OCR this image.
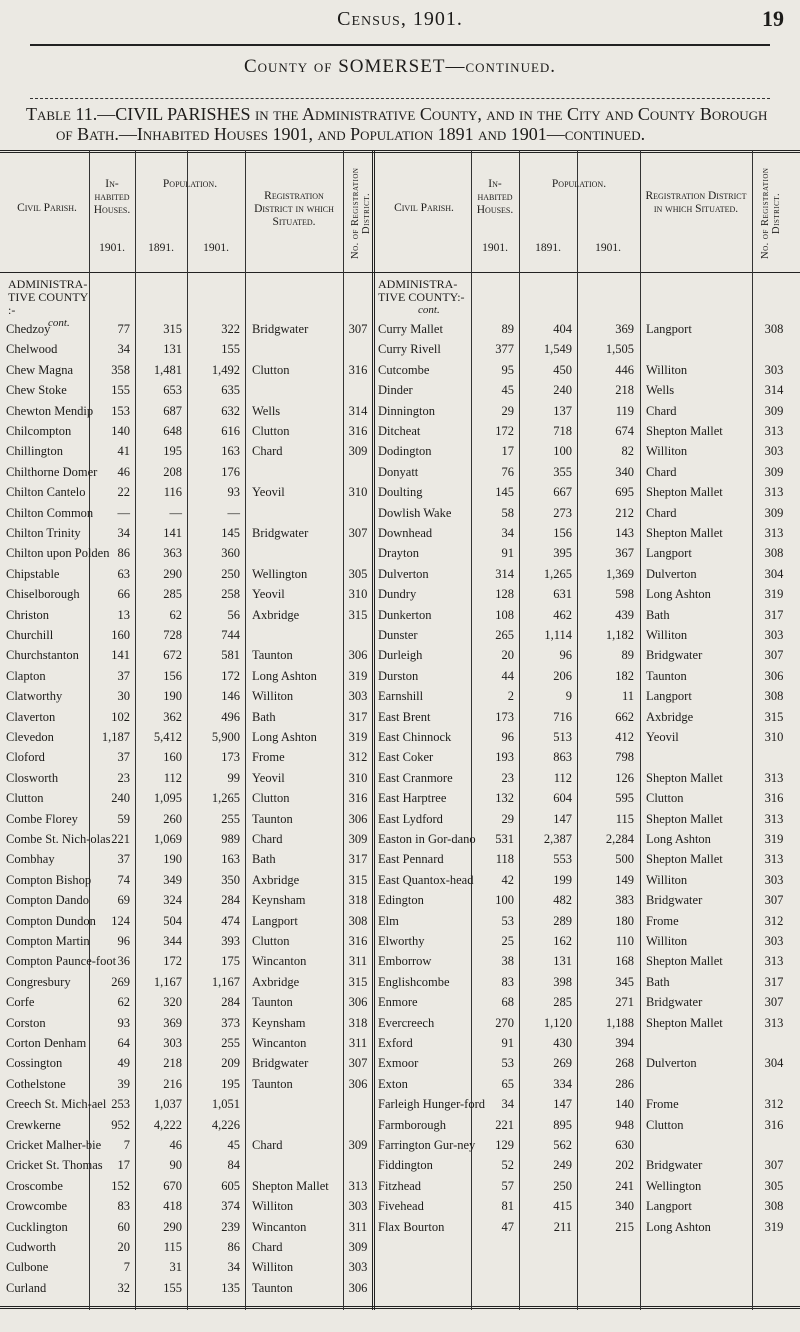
Census, 1901.	19
County of SOMERSET—continued.
Table 11.—CIVIL PARISHES in the Administrative County, and in the City and County Borough
of Bath.—Inhabited Houses 1901, and Population 1891 and 1901—continued.
Civil Parish.
In-habited Houses.
1901.
Population.
1891.	1901.
Registration District in which Situated.	No. of Registration District.	Civil Parish.
In-habited Houses.
1901.
Population.
1891.	1901.
Registration District in which Situated.	No. of Registration District.
ADMINISTRA-TIVE COUNTY :-
cont.
ADMINISTRA-TIVE COUNTY:-
cont.
Chedzoy	77	315	322 Bridgwater	307
Chelwood	34	131	155
Chew Magna	358	1,481	1,492 Clutton	316
Chew Stoke	155	653	635
Chewton Mendip	153	687	632 Wells	314
Chilcompton	140	648	616 Clutton	316
Chillington	41	195	163 Chard	309
Chilthorne Domer	46	208	176
Chilton Cantelo	22	116	93 Yeovil	310
Chilton Common	—	—	—
Chilton Trinity	34	141	145 Bridgwater	307
Chilton upon Polden 86	363	360
Chipstable	63	290	250 Wellington	305
Chiselborough	66	285	258 Yeovil	310
Christon	13	62	56 Axbridge	315
Churchill	160	728	744
Churchstanton	141	672	581 Taunton	306
Clapton	37	156	172 Long Ashton	319
Clatworthy	30	190	146 Williton	303
Claverton	102	362	496 Bath	317
Clevedon	1,187	5,412	5,900 Long Ashton	319
Cloford	37	160	173 Frome	312
Closworth	23	112	99 Yeovil	310
Clutton	240	1,095	1,265 Clutton	316
Combe Florey	59	260	255 Taunton	306
Combe St. Nich-olas 221	1,069	989 Chard	309
Combhay	37	190	163 Bath	317
Compton Bishop	74	349	350 Axbridge	315
Compton Dando	69	324	284 Keynsham	318
Compton Dundon	124	504	474 Langport	308
Compton Martin	96	344	393 Clutton	316
Compton Paunce-foot 36	172	175 Wincanton	311
Congresbury	269	1,167	1,167 Axbridge	315
Corfe	62	320	284 Taunton	306
Corston	93	369	373 Keynsham	318
Corton Denham	64	303	255 Wincanton	311
Cossington	49	218	209 Bridgwater	307
Cothelstone	39	216	195 Taunton	306
Creech St. Mich-ael 253	1,037	1,051
Crewkerne	952	4,222	4,226
Cricket Malher-bie	7	46	45 Chard	309
Cricket St. Thomas	17	90	84
Croscombe	152	670	605 Shepton Mallet	313
Crowcombe	83	418	374 Williton	303
Cucklington	60	290	239 Wincanton	311
Cudworth	20	115	86 Chard	309
Culbone	7	31	34 Williton	303
Curland	32	155	135 Taunton	306
Curry Mallet	89	404	369 Langport	308
Curry Rivell	377	1,549	1,505
Cutcombe	95	450	446 Williton	303
Dinder	45	240	218 Wells	314
Dinnington	29	137	119 Chard	309
Ditcheat	172	718	674 Shepton Mallet	313
Dodington	17	100	82 Williton	303
Donyatt	76	355	340 Chard	309
Doulting	145	667	695 Shepton Mallet	313
Dowlish Wake	58	273	212 Chard	309
Downhead	34	156	143 Shepton Mallet	313
Drayton	91	395	367 Langport	308
Dulverton	314	1,265	1,369 Dulverton	304
Dundry	128	631	598 Long Ashton	319
Dunkerton	108	462	439 Bath	317
Dunster	265	1,114	1,182 Williton	303
Durleigh	20	96	89 Bridgwater	307
Durston	44	206	182 Taunton	306
Earnshill	2	9	11 Langport	308
East Brent	173	716	662 Axbridge	315
East Chinnock	96	513	412 Yeovil	310
East Coker	193	863	798
East Cranmore	23	112	126 Shepton Mallet	313
East Harptree	132	604	595 Clutton	316
East Lydford	29	147	115 Shepton Mallet	313
Easton in Gor-dano	531	2,387	2,284 Long Ashton	319
East Pennard	118	553	500 Shepton Mallet	313
East Quantox-head	42	199	149 Williton	303
Edington	100	482	383 Bridgwater	307
Elm	53	289	180 Frome	312
Elworthy	25	162	110 Williton	303
Emborrow	38	131	168 Shepton Mallet	313
Englishcombe	83	398	345 Bath	317
Enmore	68	285	271 Bridgwater	307
Evercreech	270	1,120	1,188 Shepton Mallet	313
Exford	91	430	394
Exmoor	53	269	268 Dulverton	304
Exton	65	334	286
Farleigh Hunger-ford	34	147	140 Frome	312
Farmborough	221	895	948 Clutton	316
Farrington Gur-ney	129	562	630
Fiddington	52	249	202 Bridgwater	307
Fitzhead	57	250	241 Wellington	305
Fivehead	81	415	340 Langport	308
Flax Bourton	47	211	215 Long Ashton	319
